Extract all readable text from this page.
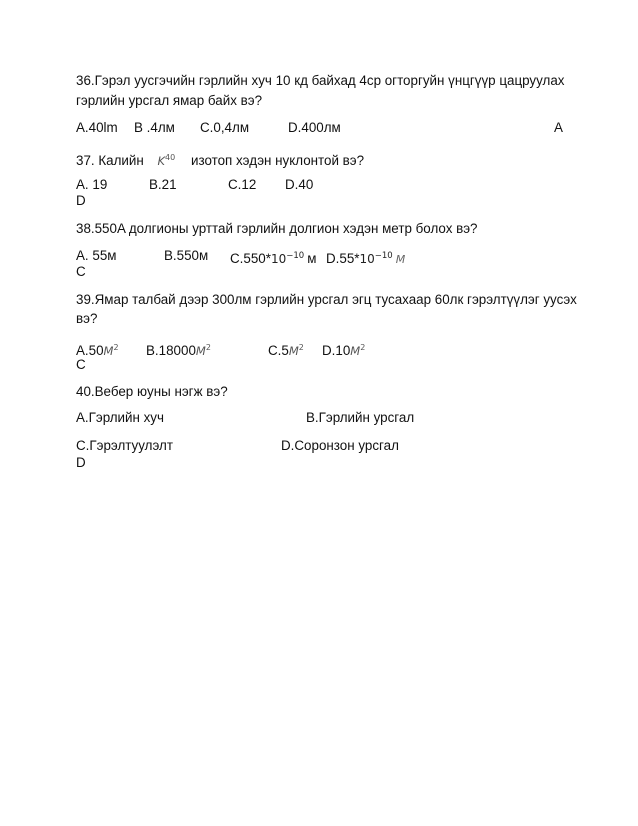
36.Гэрэл уусгэчийн гэрлийн хуч 10 кд байхад 4ср огторгуйн үнцгүүр цацруулах
гэрлийн урсгал ямар байх вэ?
A.40lm B .4лм C.0,4лм	D.400лм	A
37. Калийн $K^{40}$ изотоп хэдэн нуклонтой вэ?
A. 19	B.21	C.12 D.40
D
38.550A долгионы урттай гэрлийн долгион хэдэн метр болох вэ?
A. 55м	B.550м $C.550*10^{-10}$ м $D.55*10^{-10}$ M
C
39.Ямар талбай дээр 300лм гэрлийн урсгал эгц тусахаар 60лк гэрэлтүүлэг уусэх
вэ?
$A.50M^2$ $B.18000M^2$	$C.5M^2$ $D.10M^2$
C
40.Вебер юуны нэгж вэ?
A.Гэрлийн хуч	B.Гэрлийн урсгал
C.Гэрэлтуулэлт	D.Соронзон урсгал
D
